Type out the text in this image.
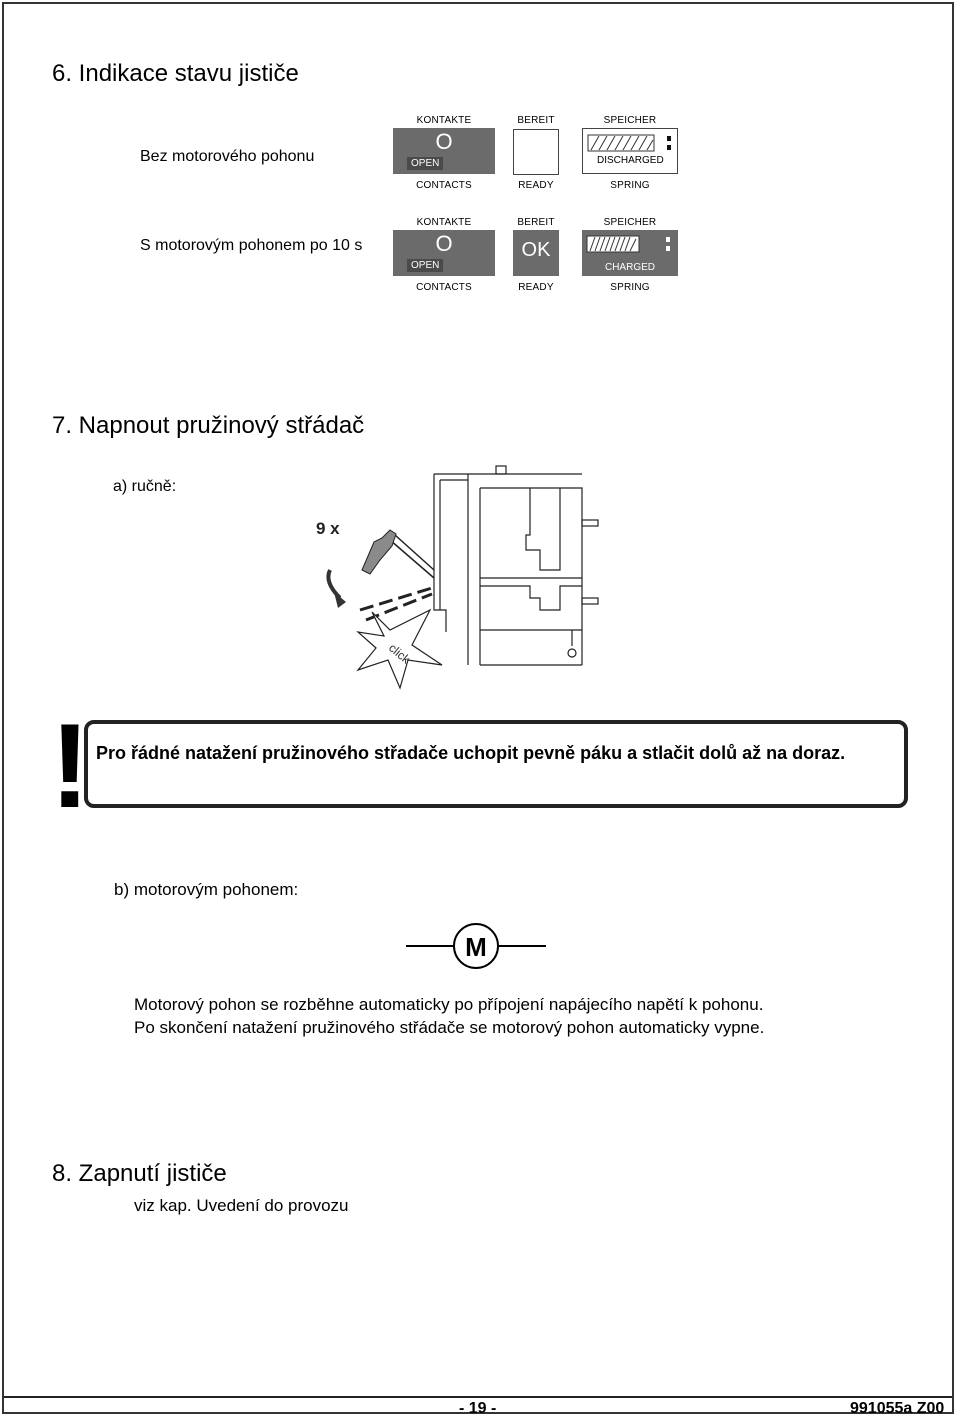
6. Indikace stavu jističe
Bez motorového pohonu
KONTAKTE
O
OPEN
CONTACTS
BEREIT
READY
SPEICHER
DISCHARGED
SPRING
S motorovým pohonem po 10 s
KONTAKTE
O
OPEN
CONTACTS
BEREIT
OK
READY
SPEICHER
CHARGED
SPRING
7. Napnout pružinový střádač
a) ručně:
9 x
click
! Pro řádné natažení pružinového střadače uchopit pevně páku a stlačit dolů až na doraz.
b) motorovým pohonem:
M
Motorový pohon se rozběhne automaticky po přípojení napájecího napětí k pohonu.
Po skončení natažení pružinového střádače se motorový pohon automaticky vypne.
8. Zapnutí jističe
viz kap. Uvedení do provozu
- 19 -	991055a Z00
